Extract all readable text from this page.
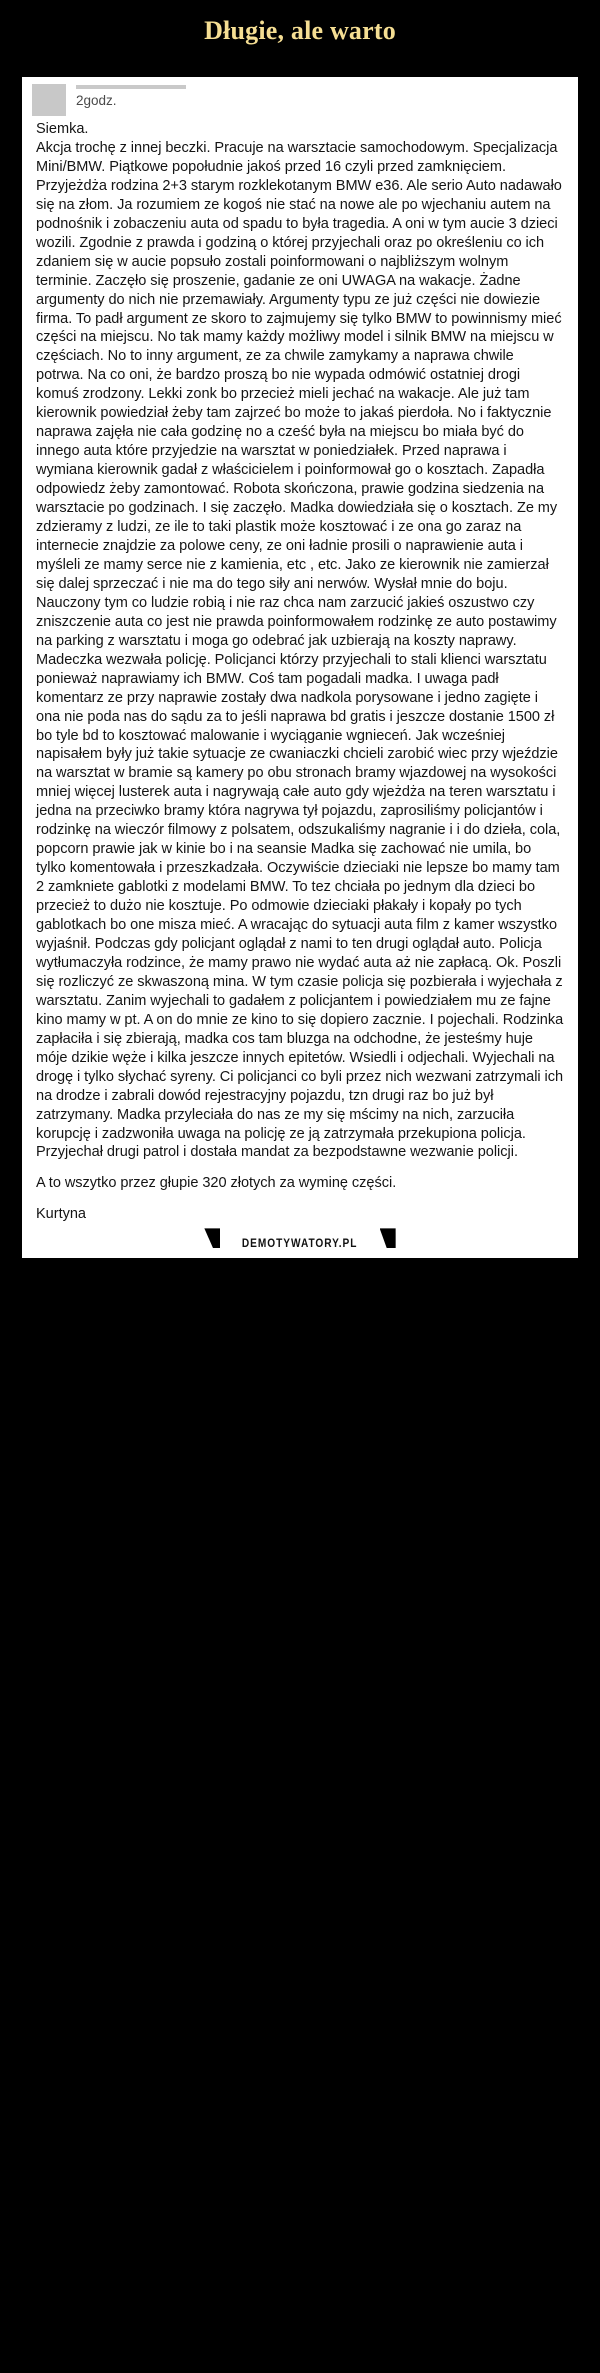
Długie, ale warto
2godz.

Siemka.

Akcja trochę z innej beczki. Pracuje na warsztacie samochodowym. Specjalizacja Mini/BMW. Piątkowe popołudnie jakoś przed 16 czyli przed zamknięciem. Przyjeżdża rodzina 2+3 starym rozklekotanym BMW e36. Ale serio Auto nadawało się na złom. Ja rozumiem ze kogoś nie stać na nowe ale po wjechaniu autem na podnośnik i zobaczeniu auta od spadu to była tragedia. A oni w tym aucie 3 dzieci wozili. Zgodnie z prawda i godziną o której przyjechali oraz po określeniu co ich zdaniem się w aucie popsuło zostali poinformowani o najbliższym wolnym terminie. Zaczęło się proszenie, gadanie ze oni UWAGA na wakacje. Żadne argumenty do nich nie przemawiały. Argumenty typu ze już części nie dowiezie firma. To padł argument ze skoro to zajmujemy się tylko BMW to powinnismy mieć części na miejscu. No tak mamy każdy możliwy model i silnik BMW na miejscu w częściach. No to inny argument, ze za chwile zamykamy a naprawa chwile potrwa. Na co oni, że bardzo proszą bo nie wypada odmówić ostatniej drogi komuś zrodzony. Lekki zonk bo przecież mieli jechać na wakacje. Ale już tam kierownik powiedział żeby tam zajrzeć bo może to jakaś pierdoła. No i faktycznie naprawa zajęła nie cała godzinę no a cześć była na miejscu bo miała być do innego auta które przyjedzie na warsztat w poniedziałek. Przed naprawa i wymiana kierownik gadał z właścicielem i poinformował go o kosztach. Zapadła odpowiedz żeby zamontować. Robota skończona, prawie godzina siedzenia na warsztacie po godzinach. I się zaczęło. Madka dowiedziała się o kosztach. Ze my zdzieramy z ludzi, ze ile to taki plastik może kosztować i ze ona go zaraz na internecie znajdzie za polowe ceny, ze oni ładnie prosili o naprawienie auta i myśleli ze mamy serce nie z kamienia, etc , etc. Jako ze kierownik nie zamierzał się dalej sprzeczać i nie ma do tego siły ani nerwów. Wysłał mnie do boju. Nauczony tym co ludzie robią i nie raz chca nam zarzucić jakieś oszustwo czy zniszczenie auta co jest nie prawda poinformowałem rodzinkę ze auto postawimy na parking z warsztatu i moga go odebrać jak uzbierają na koszty naprawy. Madeczka wezwała policję. Policjanci którzy przyjechali to stali klienci warsztatu ponieważ naprawiamy ich BMW. Coś tam pogadali madka. I uwaga padł komentarz ze przy naprawie zostały dwa nadkola porysowane i jedno zagięte i ona nie poda nas do sądu za to jeśli naprawa bd gratis i jeszcze dostanie 1500 zł bo tyle bd to kosztować malowanie i wyciąganie wgnieceń. Jak wcześniej napisałem były już takie sytuacje ze cwaniaczki chcieli zarobić wiec przy wjeździe na warsztat w bramie są kamery po obu stronach bramy wjazdowej na wysokości mniej więcej lusterek auta i nagrywają całe auto gdy wjeżdża na teren warsztatu i jedna na przeciwko bramy która nagrywa tył pojazdu, zaprosiliśmy policjantów i rodzinkę na wieczór filmowy z polsatem, odszukaliśmy nagranie i i do dzieła, cola, popcorn prawie jak w kinie bo i na seansie Madka się zachować nie umila, bo tylko komentowała i przeszkadzała. Oczywiście dzieciaki nie lepsze bo mamy tam 2 zamkniete gablotki z modelami BMW. To tez chciała po jednym dla dzieci bo przecież to dużo nie kosztuje. Po odmowie dzieciaki płakały i kopały po tych gablotkach bo one misza mieć. A wracając do sytuacji auta film z kamer wszystko wyjaśnił. Podczas gdy policjant oglądał z nami to ten drugi oglądał auto. Policja wytłumaczyła rodzince, że mamy prawo nie wydać auta aż nie zapłacą. Ok. Poszli się rozliczyć ze skwaszoną mina. W tym czasie policja się pozbierała i wyjechała z warsztatu. Zanim wyjechali to gadałem z policjantem i powiedziałem mu ze fajne kino mamy w pt. A on do mnie ze kino to się dopiero zacznie. I pojechali. Rodzinka zapłaciła i się zbierają, madka cos tam bluzga na odchodne, że jesteśmy huje mójе dzikie węże i kilka jeszcze innych epitetów. Wsiedli i odjechali. Wyjechali na drogę i tylko słychać syreny. Ci policjanci co byli przez nich wezwani zatrzymali ich na drodze i zabrali dowód rejestracyjny pojazdu, tzn drugi raz bo już był zatrzymany. Madka przyleciała do nas ze my się mścimy na nich, zarzuciła korupcję i zadzwoniła uwaga na policję ze ją zatrzymała przekupiona policja. Przyjechał drugi patrol i dostała mandat za bezpodstawne wezwanie policji.

A to wszytko przez głupie 320 złotych za wyminę części.

Kurtyna

DEMOTYWATORY.PL
